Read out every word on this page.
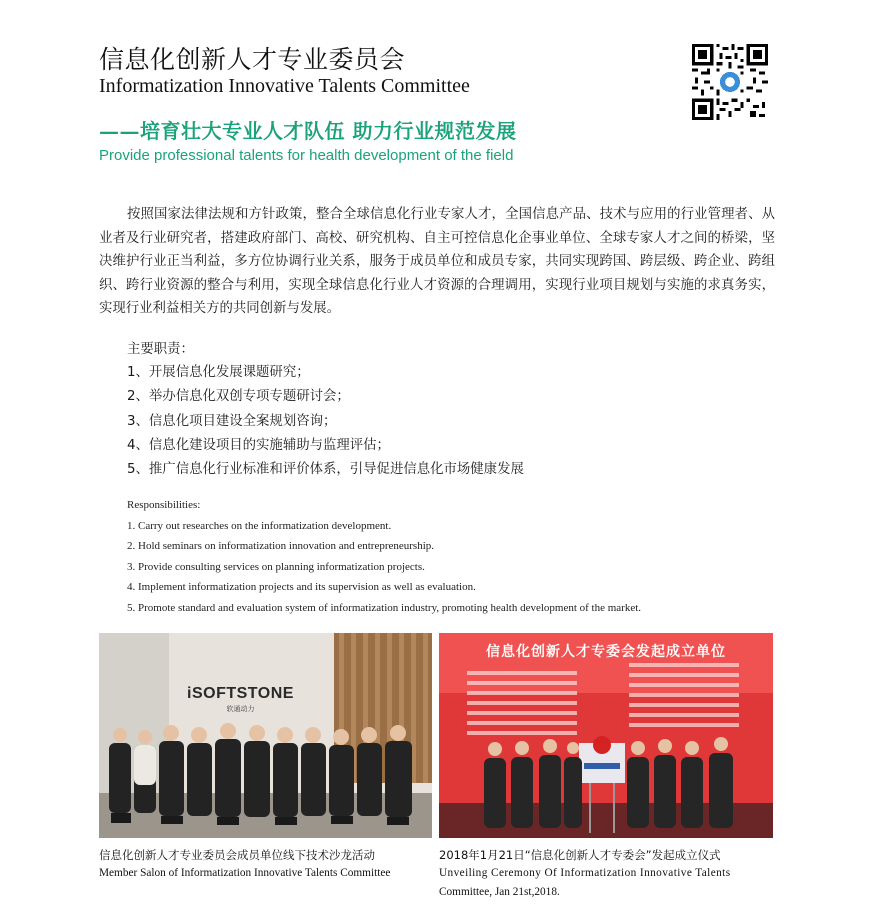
信息化创新人才专业委员会
Informatization Innovative Talents Committee
——培育壮大专业人才队伍 助力行业规范发展
Provide professional talents for health development of the field

按照国家法律法规和方针政策，整合全球信息化行业专家人才，全国信息产品、技术与应用的行业管理者、从业者及行业研究者，搭建政府部门、高校、研究机构、自主可控信息化企事业单位、全球专家人才之间的桥梁，坚决维护行业正当利益，多方位协调行业关系，服务于成员单位和成员专家，共同实现跨国、跨层级、跨企业、跨组织、跨行业资源的整合与利用，实现全球信息化行业人才资源的合理调用，实现行业项目规划与实施的求真务实，实现行业利益相关方的共同创新与发展。

主要职责：
1、开展信息化发展课题研究；
2、举办信息化双创专项专题研讨会；
3、信息化项目建设全案规划咨询；
4、信息化建设项目的实施辅助与监理评估；
5、推广信息化行业标准和评价体系，引导促进信息化市场健康发展
Responsibilities:
1. Carry out researches on the informatization development.
2. Hold seminars on informatization innovation and entrepreneurship.
3. Provide consulting services on planning informatization projects.
4. Implement informatization projects and its supervision as well as evaluation.
5. Promote standard and evaluation system of informatization industry, promoting health development of the market.
iSOFTSTONE
软通动力
信息化创新人才专委会发起成立单位
信息化创新人才专业委员会成员单位线下技术沙龙活动
Member Salon of Informatization Innovative Talents Committee
2018年1月21日“信息化创新人才专委会”发起成立仪式
Unveiling Ceremony Of Informatization Innovative Talents
Committee, Jan 21st,2018.
